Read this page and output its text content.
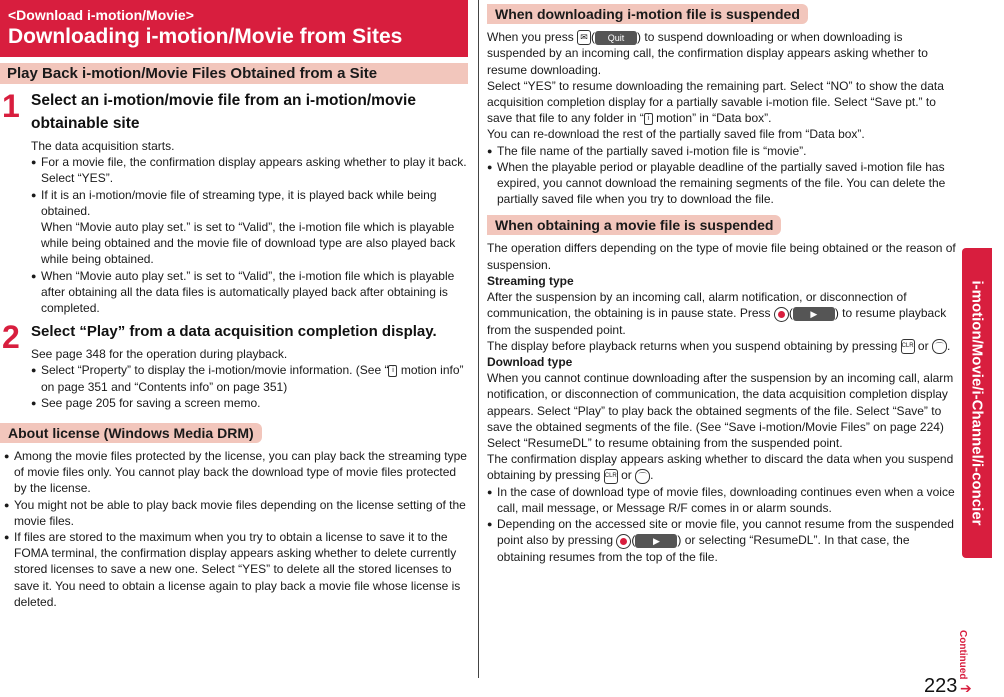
<Download i-motion/Movie>
Downloading i-motion/Movie from Sites
Play Back i-motion/Movie Files Obtained from a Site
1 Select an i-motion/movie file from an i-motion/movie obtainable site

The data acquisition starts.

● For a movie file, the confirmation display appears asking whether to play it back. Select “YES”.

● If it is an i-motion/movie file of streaming type, it is played back while being obtained.

When “Movie auto play set.” is set to “Valid”, the i-motion file which is playable while being obtained and the movie file of download type are also played back while being obtained.

● When “Movie auto play set.” is set to “Valid”, the i-motion file which is playable after obtaining all the data files is automatically played back after obtaining is completed.

2 Select “Play” from a data acquisition completion display.

See page 348 for the operation during playback.

● Select “Property” to display the i-motion/movie information. (See “ i motion info” on page 351 and “Contents info” on page 351)

● See page 205 for saving a screen memo.

About license (Windows Media DRM)

● Among the movie files protected by the license, you can play back the streaming type of movie files only. You cannot play back the download type of movie files protected by the license.

● You might not be able to play back movie files depending on the license setting of the movie files.

● If files are stored to the maximum when you try to obtain a license to save it to the FOMA terminal, the confirmation display appears asking whether to delete currently stored licenses to save a new one. Select “YES” to delete all the stored licenses to save it. You need to obtain a license again to play back a movie file whose license is deleted.

When downloading i-motion file is suspended

When you press ✉ ( Quit ) to suspend downloading or when downloading is suspended by an incoming call, the confirmation display appears asking whether to resume downloading.

Select “YES” to resume downloading the remaining part. Select “NO” to show the data acquisition completion display for a partially savable i-motion file. Select “Save pt.” to save that file to any folder in “ i motion” in “Data box”.

You can re-download the rest of the partially saved file from “Data box”.

● The file name of the partially saved i-motion file is “movie”.

● When the playable period or playable deadline of the partially saved i-motion file has expired, you cannot download the remaining segments of the file. You can delete the partially saved file when you try to download the file.

When obtaining a movie file is suspended

The operation differs depending on the type of movie file being obtained or the reason of suspension.

Streaming type

After the suspension by an incoming call, alarm notification, or disconnection of communication, the obtaining is in pause state. Press ( ▶ ) to resume playback from the suspended point.

The display before playback returns when you suspend obtaining by pressing CLR or ⌒ .

Download type

When you cannot continue downloading after the suspension by an incoming call, alarm notification, or disconnection of communication, the data acquisition completion display appears. Select “Play” to play back the obtained segments of the file. Select “Save” to save the obtained segments of the file. (See “Save i-motion/Movie Files” on page 224)

Select “ResumeDL” to resume obtaining from the suspended point.

The confirmation display appears asking whether to discard the data when you suspend obtaining by pressing CLR or ⌒ .

● In the case of download type of movie files, downloading continues even when a voice call, mail message, or Message R/F comes in or alarm sounds.

● Depending on the accessed site or movie file, you cannot resume from the suspended point also by pressing ( ▶ ) or selecting “ResumeDL”. In that case, the obtaining resumes from the top of the file.

i-motion/Movie/i-Channel/i-concier
Continued
223 ➔
